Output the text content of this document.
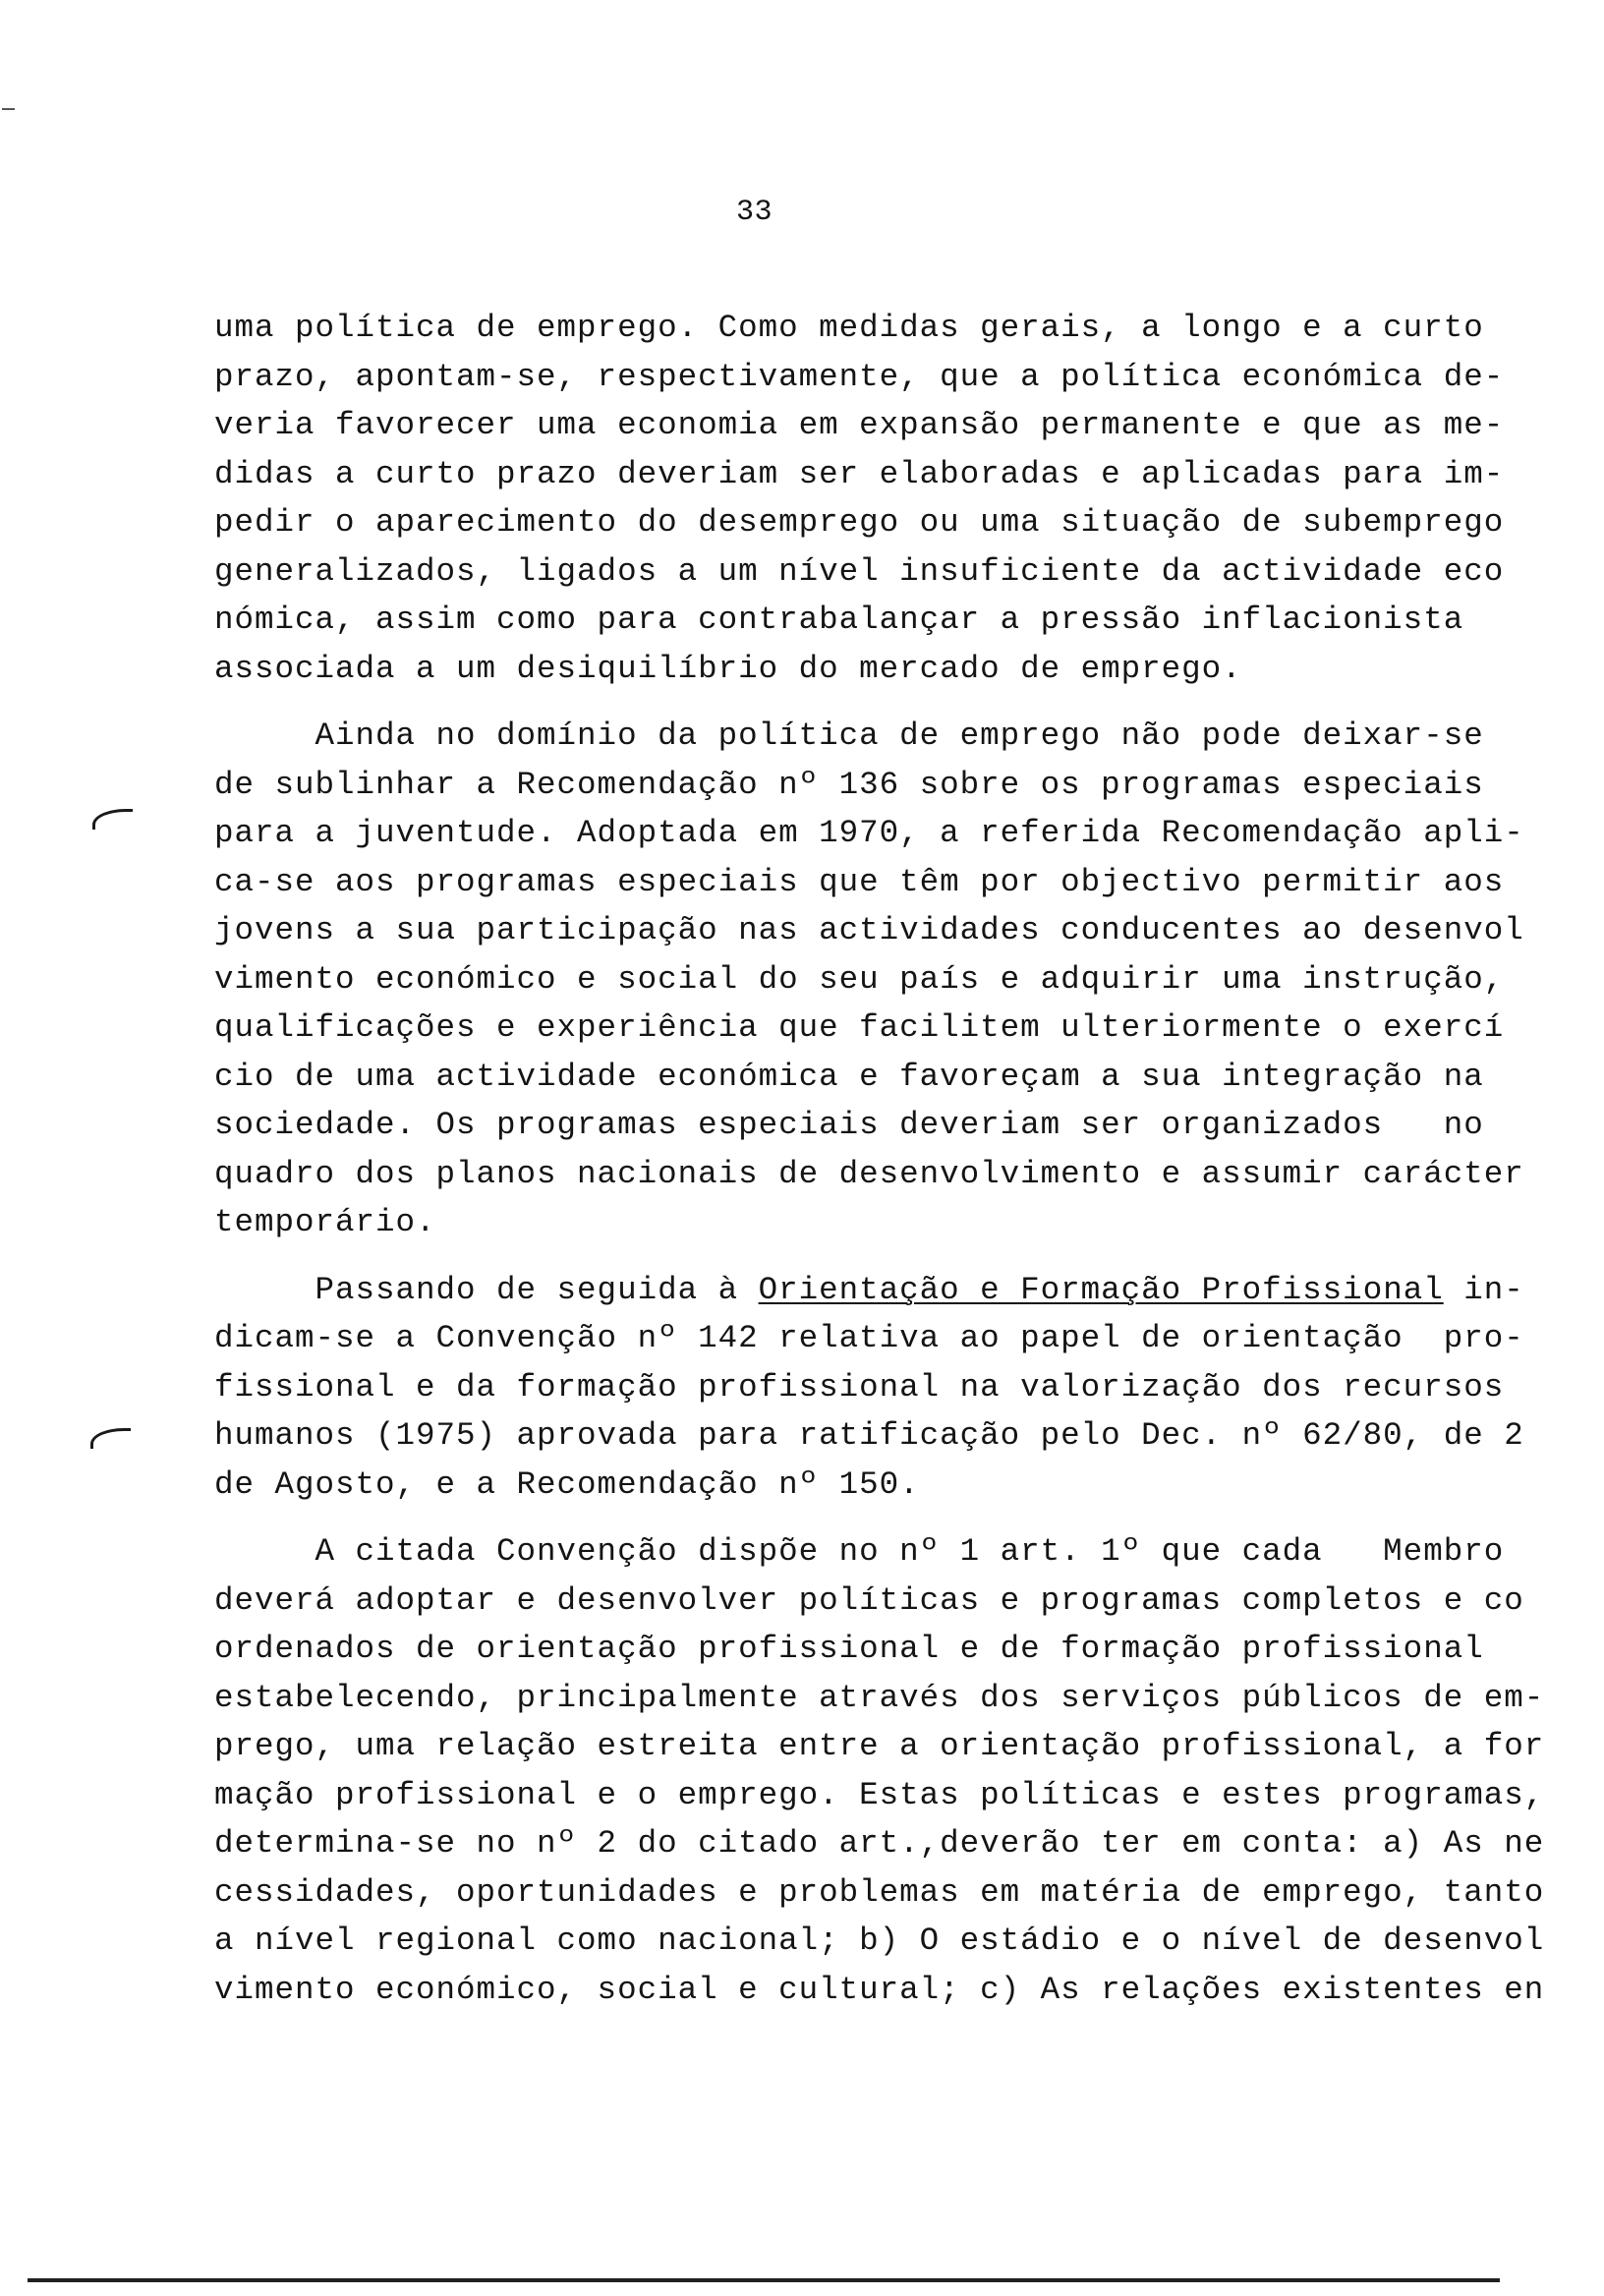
33
uma política de emprego. Como medidas gerais, a longo e a curto
prazo, apontam-se, respectivamente, que a política económica de-
veria favorecer uma economia em expansão permanente e que as me-
didas a curto prazo deveriam ser elaboradas e aplicadas para im-
pedir o aparecimento do desemprego ou uma situação de subemprego
generalizados, ligados a um nível insuficiente da actividade eco
nómica, assim como para contrabalançar a pressão inflacionista
associada a um desiquilíbrio do mercado de emprego.
Ainda no domínio da política de emprego não pode deixar-se
de sublinhar a Recomendação nº 136 sobre os programas especiais
para a juventude. Adoptada em 1970, a referida Recomendação apli-
ca-se aos programas especiais que têm por objectivo permitir aos
jovens a sua participação nas actividades conducentes ao desenvol
vimento económico e social do seu país e adquirir uma instrução,
qualificações e experiência que facilitem ulteriormente o exercí
cio de uma actividade económica e favoreçam a sua integração na
sociedade. Os programas especiais deveriam ser organizados   no
quadro dos planos nacionais de desenvolvimento e assumir carácter
temporário.
Passando de seguida à Orientação e Formação Profissional in-
dicam-se a Convenção nº 142 relativa ao papel de orientação  pro-
fissional e da formação profissional na valorização dos recursos
humanos (1975) aprovada para ratificação pelo Dec. nº 62/80, de 2
de Agosto, e a Recomendação nº 150.
A citada Convenção dispõe no nº 1 art. 1º que cada   Membro
deverá adoptar e desenvolver políticas e programas completos e co
ordenados de orientação profissional e de formação profissional
estabelecendo, principalmente através dos serviços públicos de em-
prego, uma relação estreita entre a orientação profissional, a for
mação profissional e o emprego. Estas políticas e estes programas,
determina-se no nº 2 do citado art.,deverão ter em conta: a) As ne
cessidades, oportunidades e problemas em matéria de emprego, tanto
a nível regional como nacional; b) O estádio e o nível de desenvol
vimento económico, social e cultural; c) As relações existentes en
